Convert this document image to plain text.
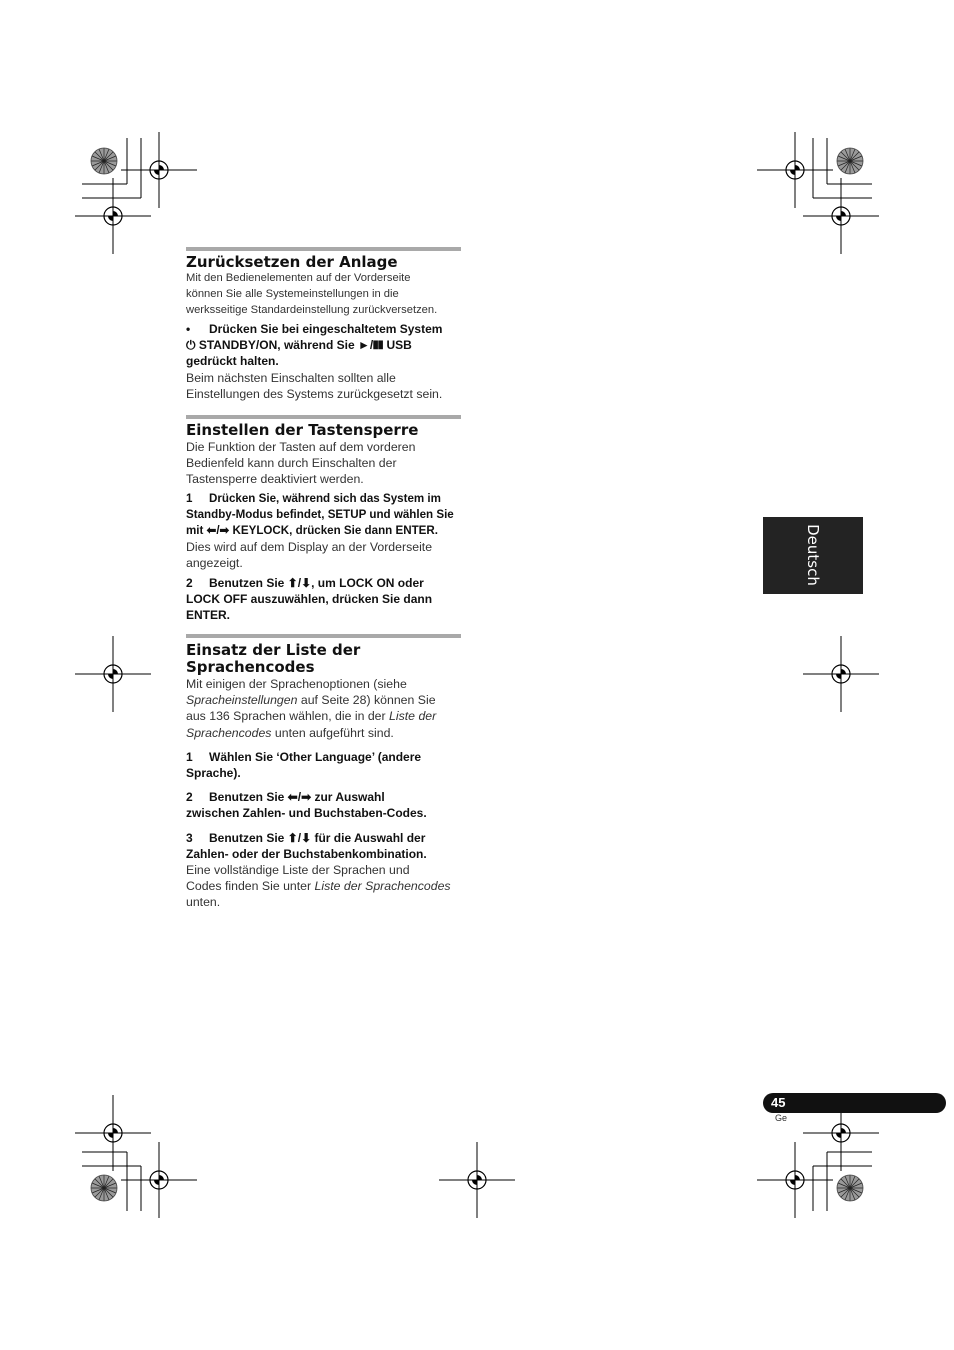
Zurücksetzen der Anlage

Mit den Bedienelementen auf der Vorderseite
können Sie alle Systemeinstellungen in die
werksseitige Standardeinstellung zurückversetzen.

• Drücken Sie bei eingeschaltetem System
⏻ STANDBY/ON, während Sie ►/❚❚ USB
gedrückt halten.

Beim nächsten Einschalten sollten alle
Einstellungen des Systems zurückgesetzt sein.

Einstellen der Tastensperre

Die Funktion der Tasten auf dem vorderen
Bedienfeld kann durch Einschalten der
Tastensperre deaktiviert werden.

1 Drücken Sie, während sich das System im
Standby-Modus befindet, SETUP und wählen Sie
mit ⬅/➡ KEYLOCK, drücken Sie dann ENTER.

Dies wird auf dem Display an der Vorderseite
angezeigt.

2 Benutzen Sie ⬆/⬇, um LOCK ON oder
LOCK OFF auszuwählen, drücken Sie dann
ENTER.

Einsatz der Liste der
Sprachencodes

Mit einigen der Sprachenoptionen (siehe
Spracheinstellungen auf Seite 28) können Sie
aus 136 Sprachen wählen, die in der Liste der
Sprachencodes unten aufgeführt sind.

1 Wählen Sie ‘Other Language’ (andere
Sprache).

2 Benutzen Sie ⬅/➡ zur Auswahl
zwischen Zahlen- und Buchstaben-Codes.

3 Benutzen Sie ⬆/⬇ für die Auswahl der
Zahlen- oder der Buchstabenkombination.

Eine vollständige Liste der Sprachen und
Codes finden Sie unter Liste der Sprachencodes
unten.

Deutsch
45
Ge
